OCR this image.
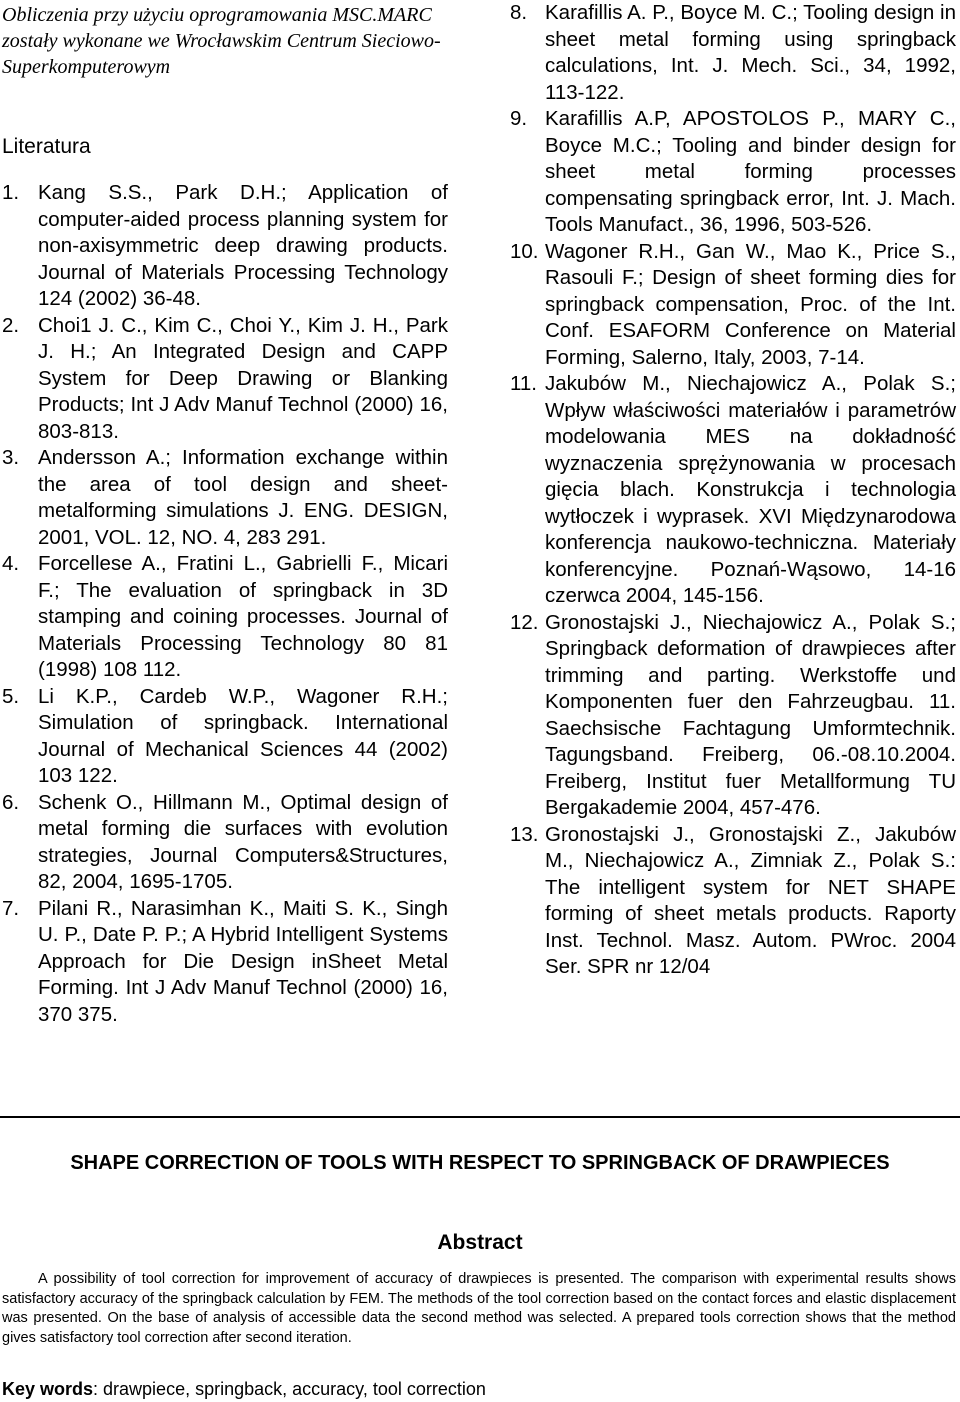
Obliczenia przy użyciu oprogramowania MSC.MARC zostały wykonane we Wrocławskim Centrum Sieciowo-Superkomputerowym

Literatura
1. Kang S.S., Park D.H.; Application of computer-aided process planning system for non-axisymmetric deep drawing products. Journal of Materials Processing Technology 124 (2002) 36-48.
2. Choi1 J. C., Kim C., Choi Y., Kim J. H., Park J. H.; An Integrated Design and CAPP System for Deep Drawing or Blanking Products; Int J Adv Manuf Technol (2000) 16, 803-813.
3. Andersson A.; Information exchange within the area of tool design and sheet-metalforming simulations J. ENG. DESIGN, 2001, VOL. 12, NO. 4, 283 291.
4. Forcellese A., Fratini L., Gabrielli F., Micari F.; The evaluation of springback in 3D stamping and coining processes. Journal of Materials Processing Technology 80 81 (1998) 108 112.
5. Li K.P., Cardeb W.P., Wagoner R.H.; Simulation of springback. International Journal of Mechanical Sciences 44 (2002) 103 122.
6. Schenk O., Hillmann M., Optimal design of metal forming die surfaces with evolution strategies, Journal Computers&Structures, 82, 2004, 1695-1705.
7. Pilani R., Narasimhan K., Maiti S. K., Singh U. P., Date P. P.; A Hybrid Intelligent Systems Approach for Die Design inSheet Metal Forming. Int J Adv Manuf Technol (2000) 16, 370 375.
8. Karafillis A. P., Boyce M. C.; Tooling design in sheet metal forming using springback calculations, Int. J. Mech. Sci., 34, 1992, 113-122.
9. Karafillis A.P, APOSTOLOS P., MARY C., Boyce M.C.; Tooling and binder design for sheet metal forming processes compensating springback error, Int. J. Mach. Tools Manufact., 36, 1996, 503-526.
10. Wagoner R.H., Gan W., Mao K., Price S., Rasouli F.; Design of sheet forming dies for springback compensation, Proc. of the Int. Conf. ESAFORM Conference on Material Forming, Salerno, Italy, 2003, 7-14.
11. Jakubów M., Niechajowicz A., Polak S.; Wpływ właściwości materiałów i parametrów modelowania MES na dokładność wyznaczenia sprężynowania w procesach gięcia blach. Konstrukcja i technologia wytłoczek i wyprasek. XVI Międzynarodowa konferencja naukowo-techniczna. Materiały konferencyjne. Poznań-Wąsowo, 14-16 czerwca 2004, 145-156.
12. Gronostajski J., Niechajowicz A., Polak S.; Springback deformation of drawpieces after trimming and parting. Werkstoffe und Komponenten fuer den Fahrzeugbau. 11. Saechsische Fachtagung Umformtechnik. Tagungsband. Freiberg, 06.-08.10.2004. Freiberg, Institut fuer Metallformung TU Bergakademie 2004, 457-476.
13. Gronostajski J., Gronostajski Z., Jakubów M., Niechajowicz A., Zimniak Z., Polak S.: The intelligent system for NET SHAPE forming of sheet metals products. Raporty Inst. Technol. Masz. Autom. PWroc. 2004 Ser. SPR nr 12/04
SHAPE CORRECTION OF TOOLS WITH RESPECT TO SPRINGBACK OF DRAWPIECES
Abstract

A possibility of tool correction for improvement of accuracy of drawpieces is presented. The comparison with experimental results shows satisfactory accuracy of the springback calculation by FEM. The methods of the tool correction based on the contact forces and elastic displacement was presented. On the base of analysis of accessible data the second method was selected. A prepared tools correction shows that the method gives satisfactory tool correction after second iteration.

Key words: drawpiece, springback, accuracy, tool correction
